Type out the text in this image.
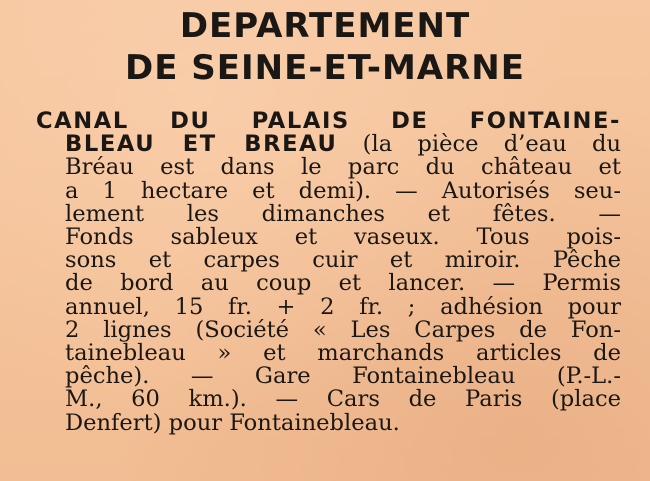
DEPARTEMENT
DE SEINE-ET-MARNE
CANAL DU PALAIS DE FONTAINE-
BLEAU ET BREAU (la pièce d’eau du
Bréau est dans le parc du château et
a 1 hectare et demi). — Autorisés seu-
lement les dimanches et fêtes. —
Fonds sableux et vaseux. Tous pois-
sons et carpes cuir et miroir. Pêche
de bord au coup et lancer. — Permis
annuel, 15 fr. + 2 fr. ; adhésion pour
2 lignes (Société « Les Carpes de Fon-
tainebleau » et marchands articles de
pêche). — Gare Fontainebleau (P.-L.-
M., 60 km.). — Cars de Paris (place
Denfert) pour Fontainebleau.
